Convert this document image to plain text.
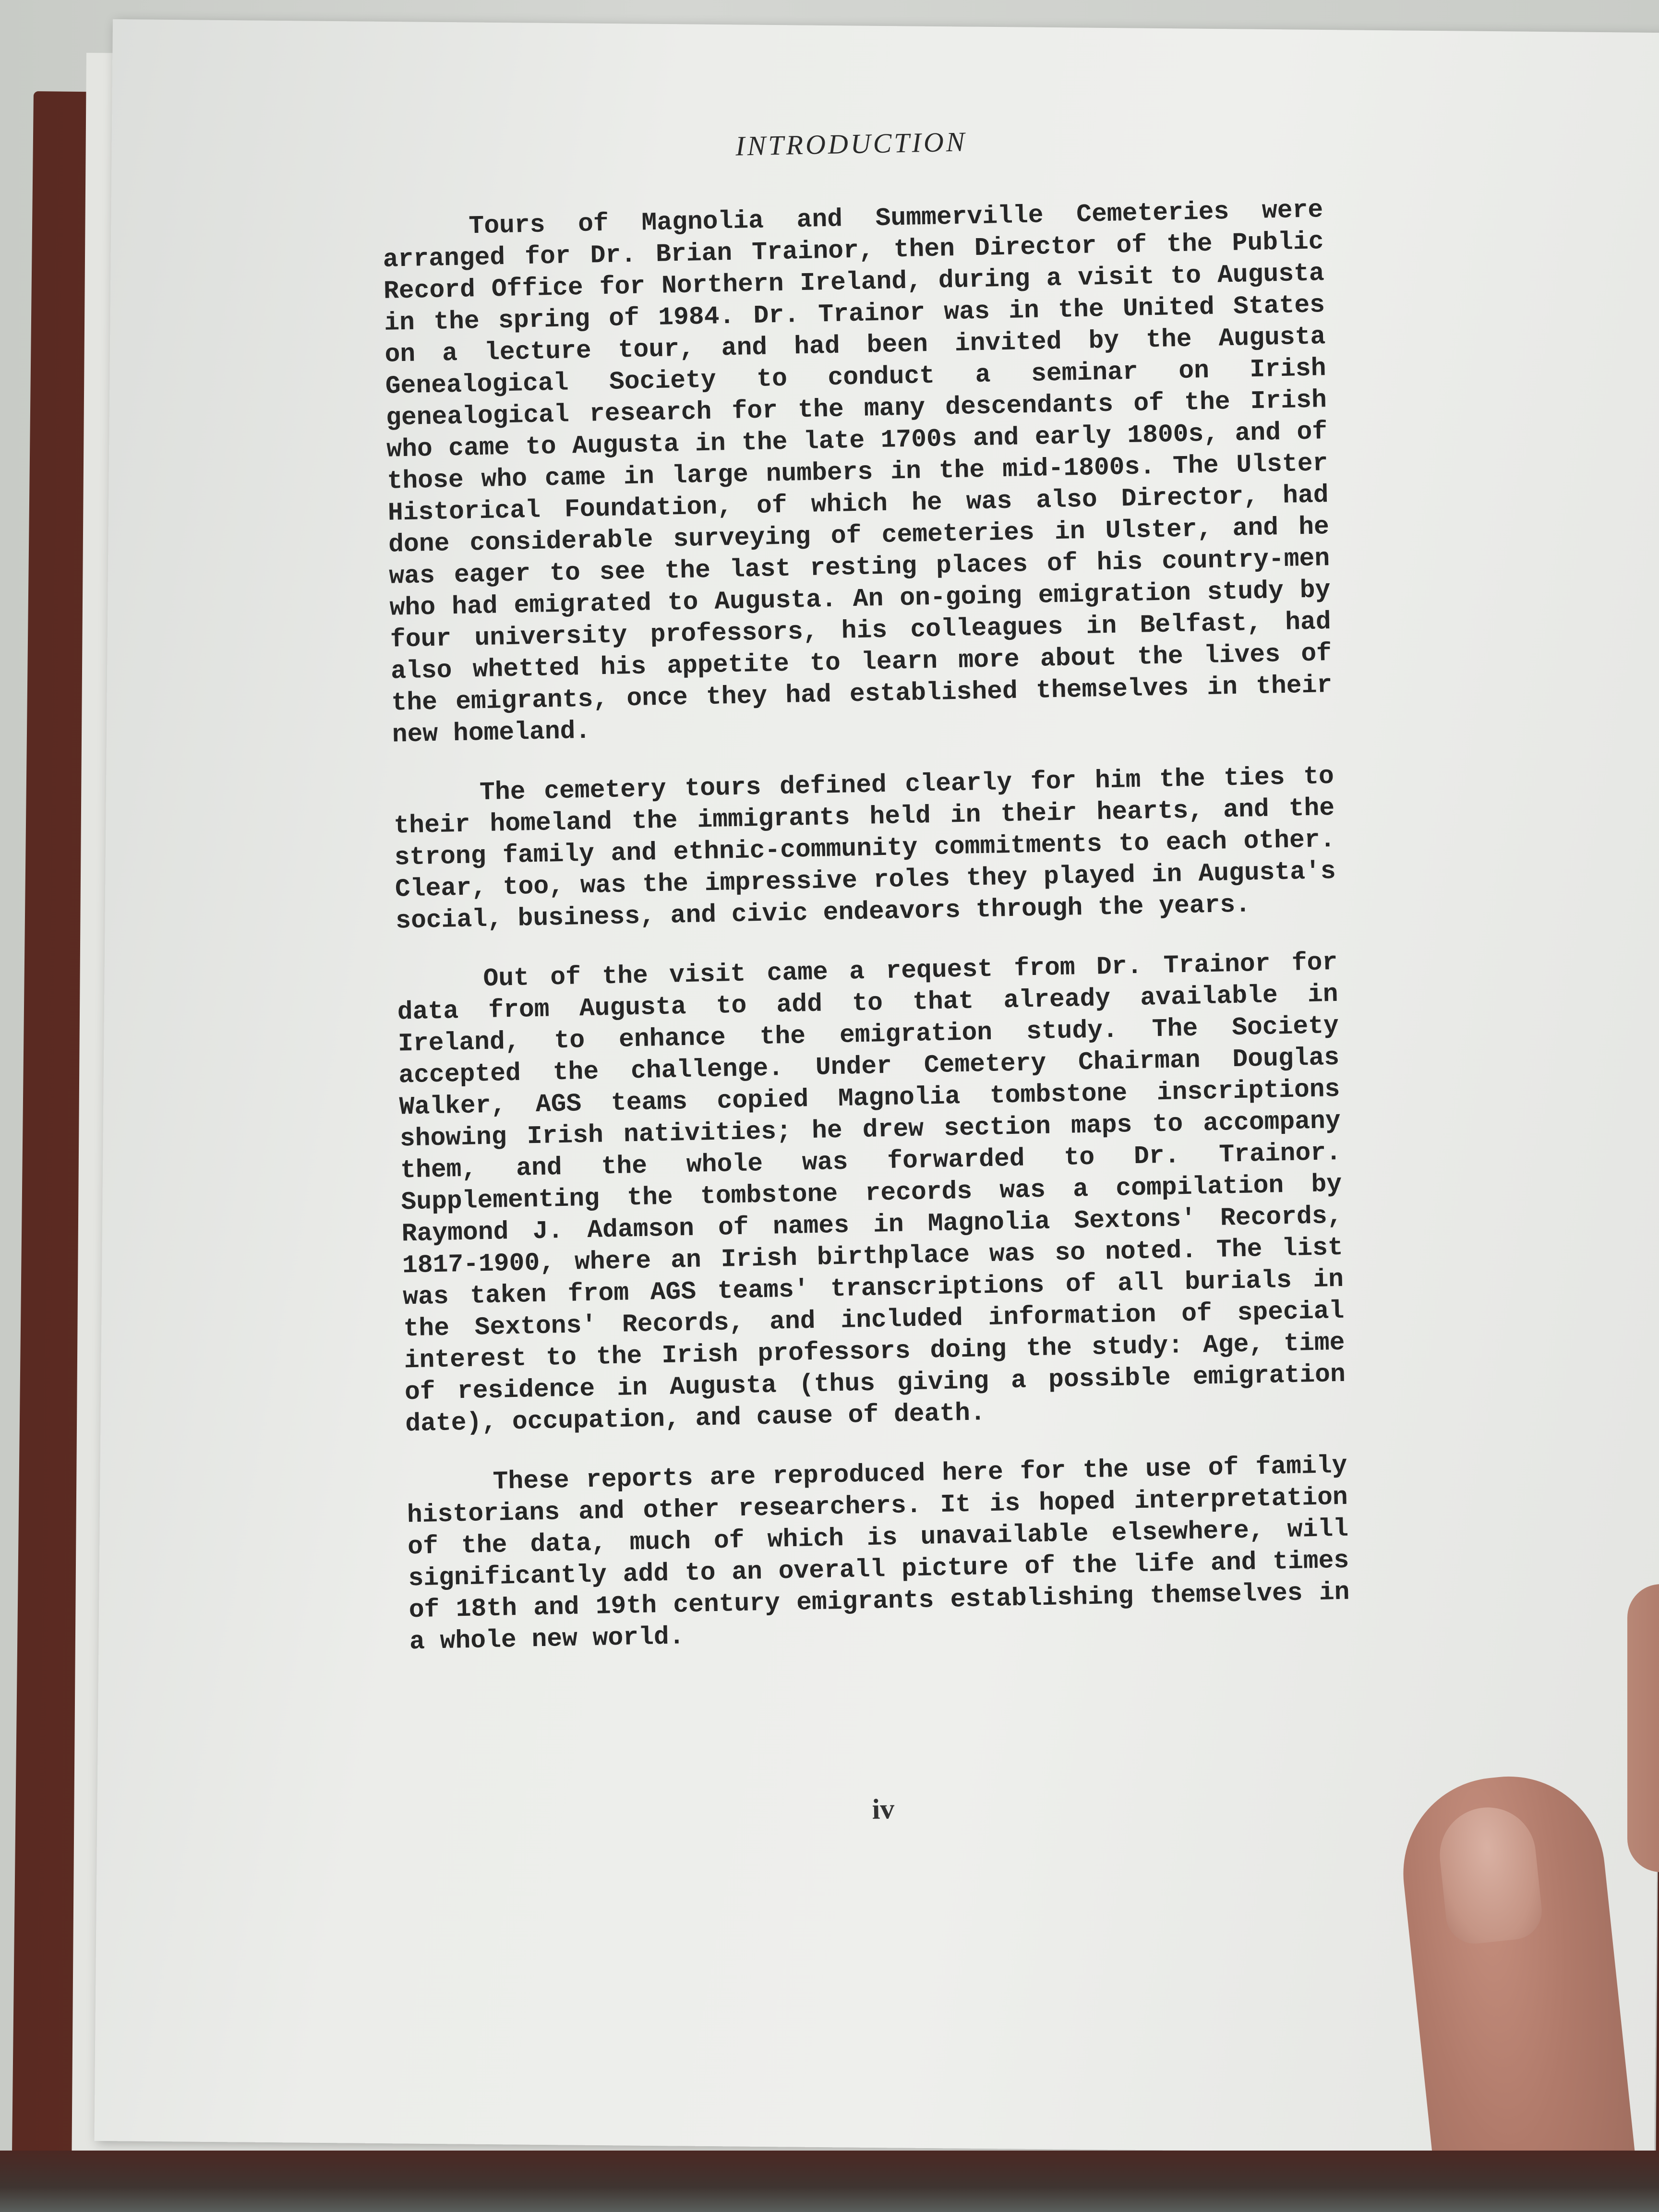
INTRODUCTION

Tours of Magnolia and Summerville Cemeteries were arranged for Dr. Brian Trainor, then Director of the Public Record Office for Northern Ireland, during a visit to Augusta in the spring of 1984. Dr. Trainor was in the United States on a lecture tour, and had been invited by the Augusta Genealogical Society to conduct a seminar on Irish genealogical research for the many descendants of the Irish who came to Augusta in the late 1700s and early 1800s, and of those who came in large numbers in the mid-1800s. The Ulster Historical Foundation, of which he was also Director, had done considerable surveying of cemeteries in Ulster, and he was eager to see the last resting places of his country-men who had emigrated to Augusta. An on-going emigration study by four university professors, his colleagues in Belfast, had also whetted his appetite to learn more about the lives of the emigrants, once they had established themselves in their new homeland.

The cemetery tours defined clearly for him the ties to their homeland the immigrants held in their hearts, and the strong family and ethnic-community commitments to each other. Clear, too, was the impressive roles they played in Augusta's social, business, and civic endeavors through the years.

Out of the visit came a request from Dr. Trainor for data from Augusta to add to that already available in Ireland, to enhance the emigration study. The Society accepted the challenge. Under Cemetery Chairman Douglas Walker, AGS teams copied Magnolia tombstone inscriptions showing Irish nativities; he drew section maps to accompany them, and the whole was forwarded to Dr. Trainor. Supplementing the tombstone records was a compilation by Raymond J. Adamson of names in Magnolia Sextons' Records, 1817-1900, where an Irish birthplace was so noted. The list was taken from AGS teams' transcriptions of all burials in the Sextons' Records, and included information of special interest to the Irish professors doing the study: Age, time of residence in Augusta (thus giving a possible emigration date), occupation, and cause of death.

These reports are reproduced here for the use of family historians and other researchers. It is hoped interpretation of the data, much of which is unavailable elsewhere, will significantly add to an overall picture of the life and times of 18th and 19th century emigrants establishing themselves in a whole new world.

iv
